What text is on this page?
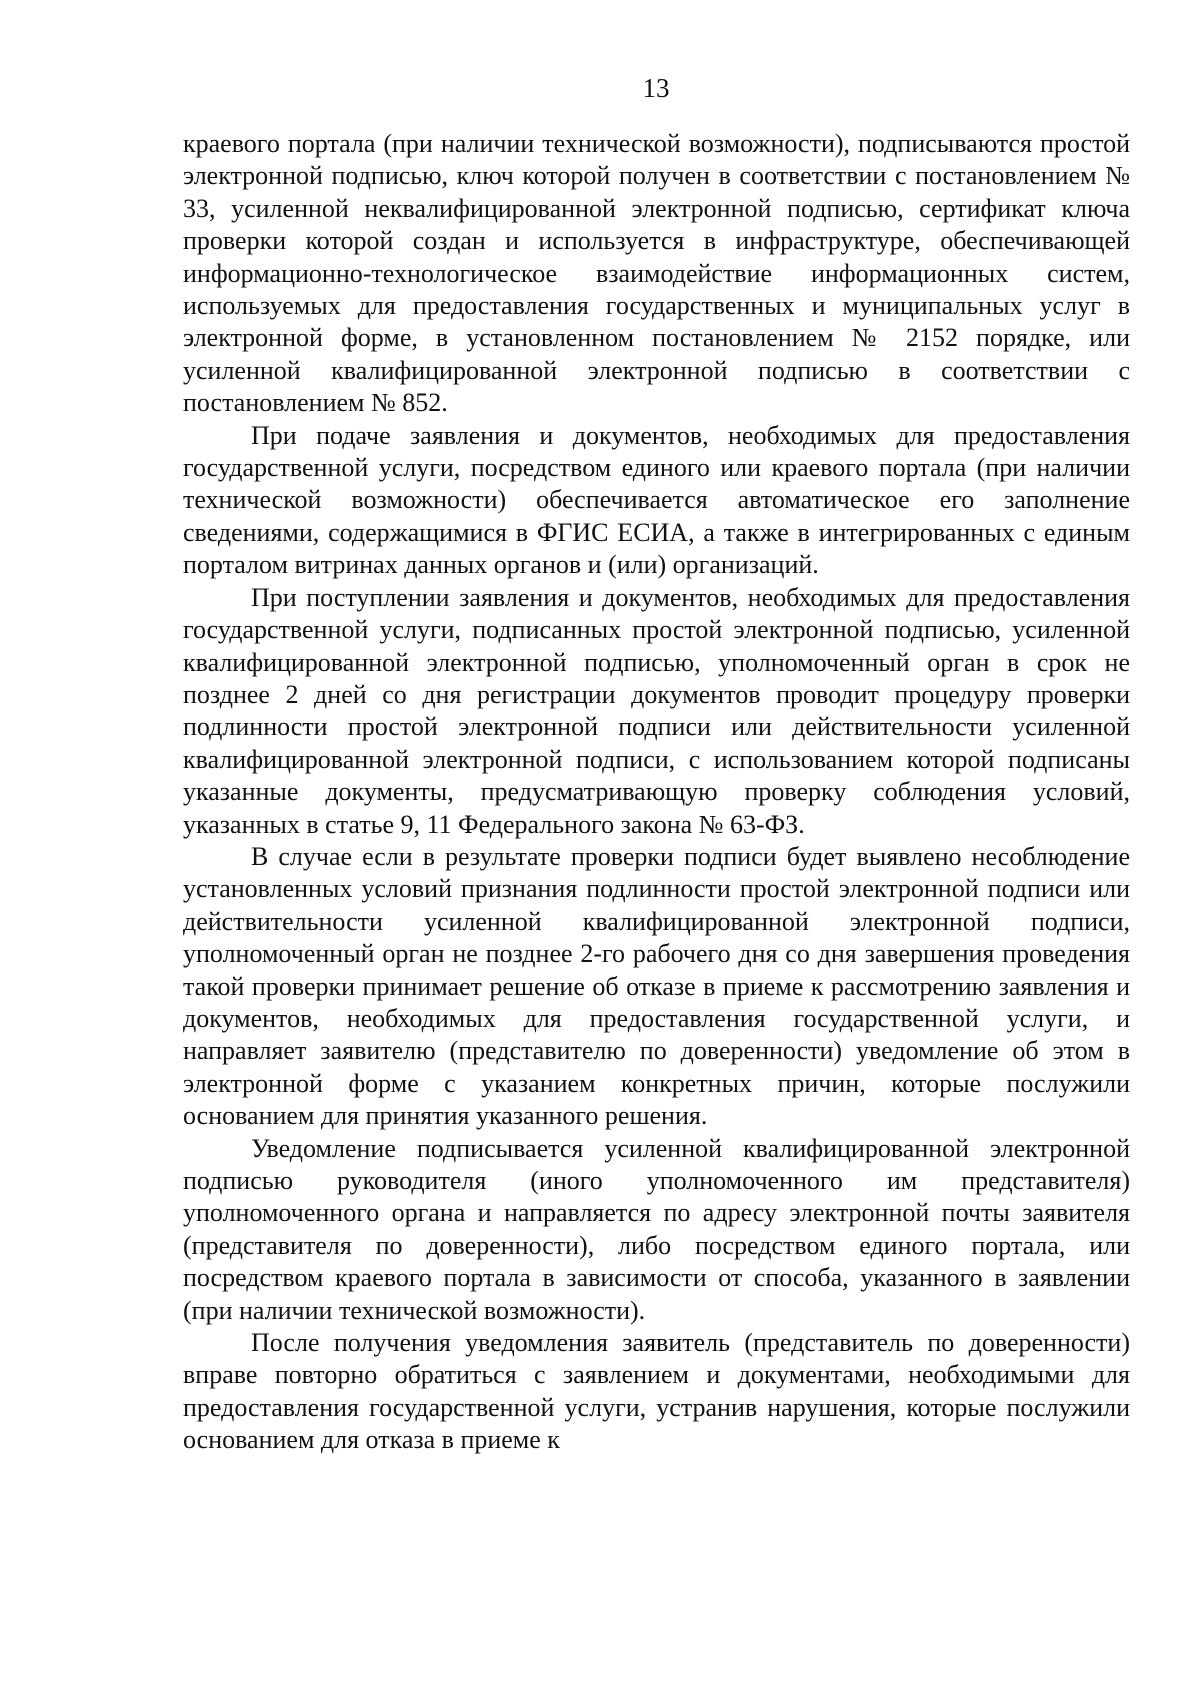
13

краевого портала (при наличии технической возможности), подписываются простой электронной подписью, ключ которой получен в соответствии с постановлением № 33, усиленной неквалифицированной электронной подписью, сертификат ключа проверки которой создан и используется в инфраструктуре, обеспечивающей информационно-технологическое взаимодействие информационных систем, используемых для предоставления государственных и муниципальных услуг в электронной форме, в установленном постановлением № 2152 порядке, или усиленной квалифицированной электронной подписью в соответствии с постановлением № 852.

При подаче заявления и документов, необходимых для предоставления государственной услуги, посредством единого или краевого портала (при наличии технической возможности) обеспечивается автоматическое его заполнение сведениями, содержащимися в ФГИС ЕСИА, а также в интегрированных с единым порталом витринах данных органов и (или) организаций.

При поступлении заявления и документов, необходимых для предоставления государственной услуги, подписанных простой электронной подписью, усиленной квалифицированной электронной подписью, уполномоченный орган в срок не позднее 2 дней со дня регистрации документов проводит процедуру проверки подлинности простой электронной подписи или действительности усиленной квалифицированной электронной подписи, с использованием которой подписаны указанные документы, предусматривающую проверку соблюдения условий, указанных в статье 9, 11 Федерального закона № 63-ФЗ.

В случае если в результате проверки подписи будет выявлено несоблюдение установленных условий признания подлинности простой электронной подписи или действительности усиленной квалифицированной электронной подписи, уполномоченный орган не позднее 2-го рабочего дня со дня завершения проведения такой проверки принимает решение об отказе в приеме к рассмотрению заявления и документов, необходимых для предоставления государственной услуги, и направляет заявителю (представителю по доверенности) уведомление об этом в электронной форме с указанием конкретных причин, которые послужили основанием для принятия указанного решения.

Уведомление подписывается усиленной квалифицированной электронной подписью руководителя (иного уполномоченного им представителя) уполномоченного органа и направляется по адресу электронной почты заявителя (представителя по доверенности), либо посредством единого портала, или посредством краевого портала в зависимости от способа, указанного в заявлении (при наличии технической возможности).

После получения уведомления заявитель (представитель по доверенности) вправе повторно обратиться с заявлением и документами, необходимыми для предоставления государственной услуги, устранив нарушения, которые послужили основанием для отказа в приеме к
